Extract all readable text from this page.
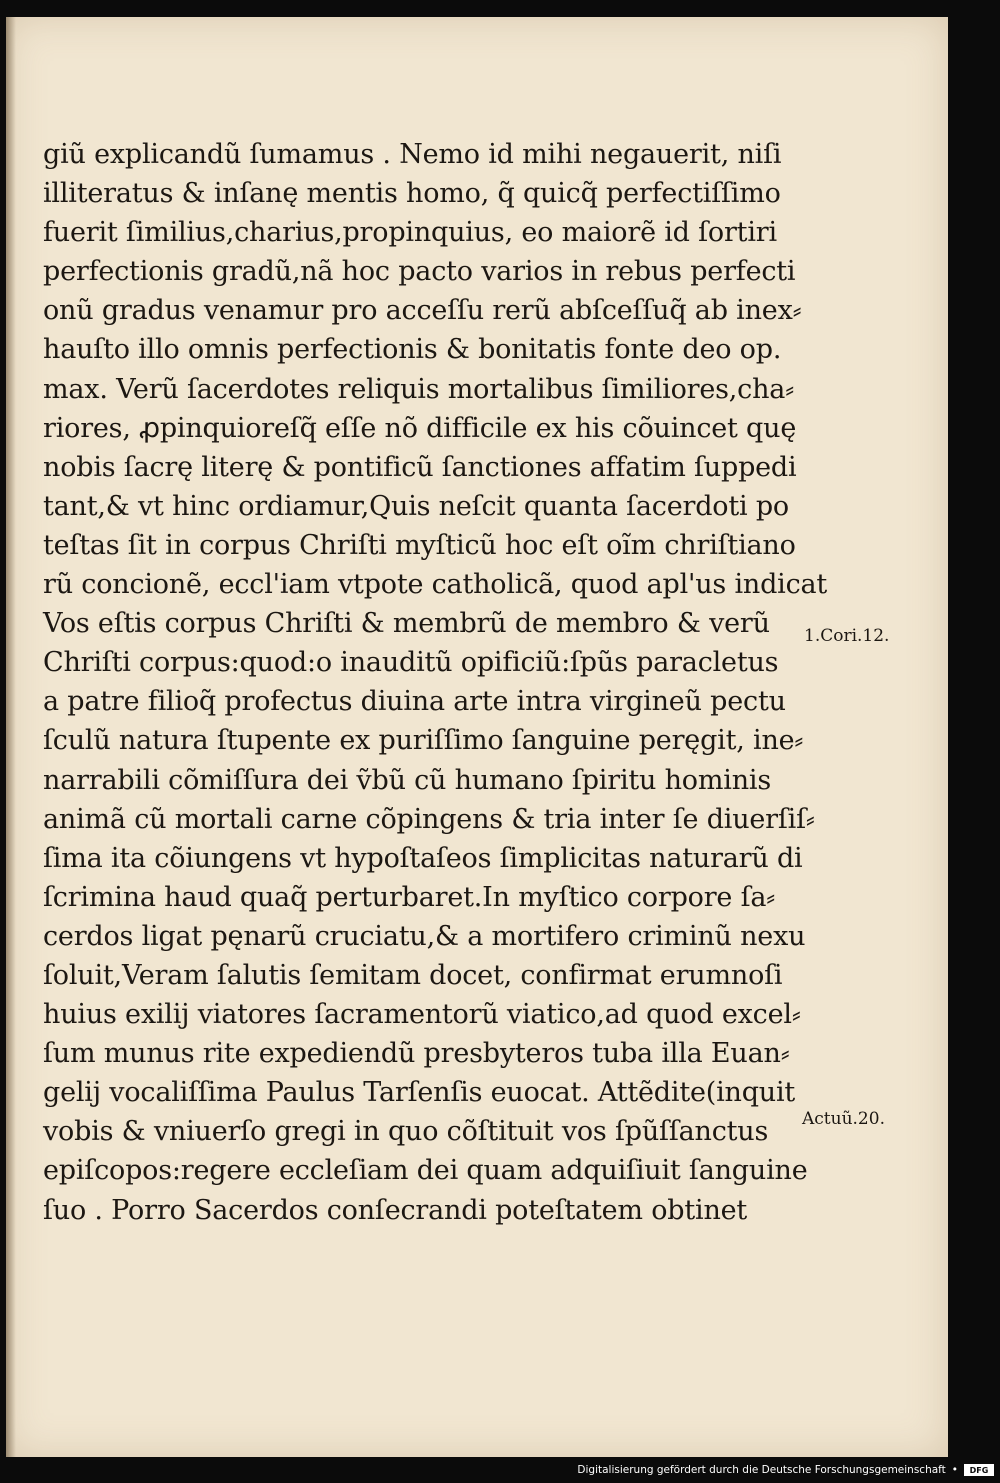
giũ explicandũ ſumamus . Nemo id mihi negauerit, niſi
illiteratus & inſanę mentis homo, q̃ quicq̃ perfectiſſimo
fuerit ſimilius,charius,propinquius, eo maiorẽ id ſortiri
perfectionis gradũ,nã hoc pacto varios in rebus perfecti
onũ gradus venamur pro acceſſu rerũ abſceſſuq̃ ab inex⸗
hauſto illo omnis perfectionis & bonitatis fonte deo op.
max. Verũ ſacerdotes reliquis mortalibus ſimiliores,cha⸗
riores, ꝓpinquioreſq̃ eſſe nõ difficile ex his cõuincet quę
nobis ſacrę literę & pontificũ ſanctiones affatim ſuppedi
tant,& vt hinc ordiamur,Quis neſcit quanta ſacerdoti po
teſtas ſit in corpus Chriſti myſticũ hoc eſt oĩm chriſtiano
rũ concionẽ, eccl'iam vtpote catholicã, quod apl'us indicat
Vos eſtis corpus Chriſti & membrũ de membro & verũ
Chriſti corpus:quod:o inauditũ opificiũ:ſpũs paracletus
a patre filioq̃ profectus diuina arte intra virgineũ pectu
ſculũ natura ſtupente ex puriſſimo ſanguine peręgit, ine⸗
narrabili cõmiſſura dei ṽbũ cũ humano ſpiritu hominis
animã cũ mortali carne cõpingens & tria inter ſe diuerſiſ⸗
ſima ita cõiungens vt hypoſtaſeos ſimplicitas naturarũ di
ſcrimina haud quaq̃ perturbaret.In myſtico corpore ſa⸗
cerdos ligat pęnarũ cruciatu,& a mortifero criminũ nexu
ſoluit,Veram ſalutis ſemitam docet, confirmat erumnoſi
huius exilij viatores ſacramentorũ viatico,ad quod excel⸗
ſum munus rite expediendũ presbyteros tuba illa Euan⸗
gelij vocaliſſima Paulus Tarſenſis euocat. Attẽdite(inquit
vobis & vniuerſo gregi in quo cõſtituit vos ſpũſſanctus
epiſcopos:regere eccleſiam dei quam adquiſiuit ſanguine
ſuo . Porro Sacerdos conſecrandi poteſtatem obtinet
1.Cori.12.
Actuũ.20.
Digitalisierung gefördert durch die Deutsche Forschungsgemeinschaft •	DFG
